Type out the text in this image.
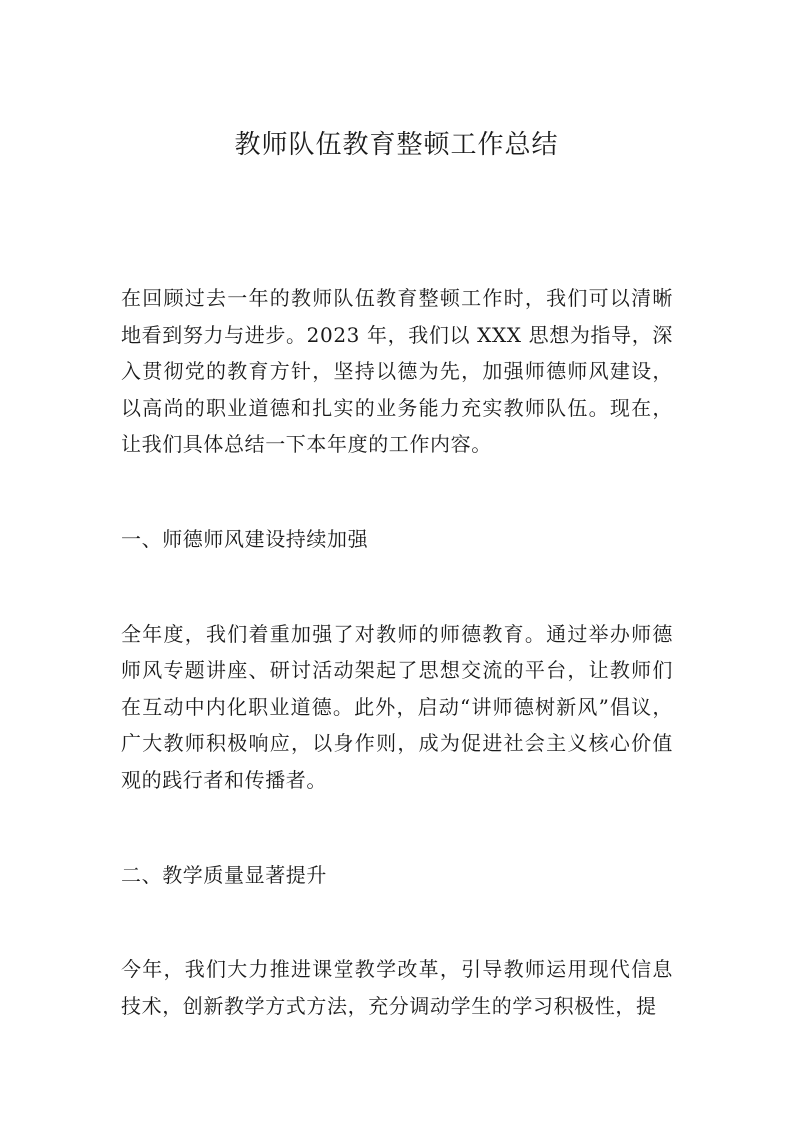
教师队伍教育整顿工作总结

在回顾过去一年的教师队伍教育整顿工作时，我们可以清晰地看到努力与进步。2023 年，我们以 XXX 思想为指导，深入贯彻党的教育方针，坚持以德为先，加强师德师风建设，以高尚的职业道德和扎实的业务能力充实教师队伍。现在，让我们具体总结一下本年度的工作内容。

一、师德师风建设持续加强

全年度，我们着重加强了对教师的师德教育。通过举办师德师风专题讲座、研讨活动架起了思想交流的平台，让教师们在互动中内化职业道德。此外，启动“讲师德树新风”倡议，广大教师积极响应，以身作则，成为促进社会主义核心价值观的践行者和传播者。

二、教学质量显著提升

今年，我们大力推进课堂教学改革，引导教师运用现代信息技术，创新教学方式方法，充分调动学生的学习积极性，提
